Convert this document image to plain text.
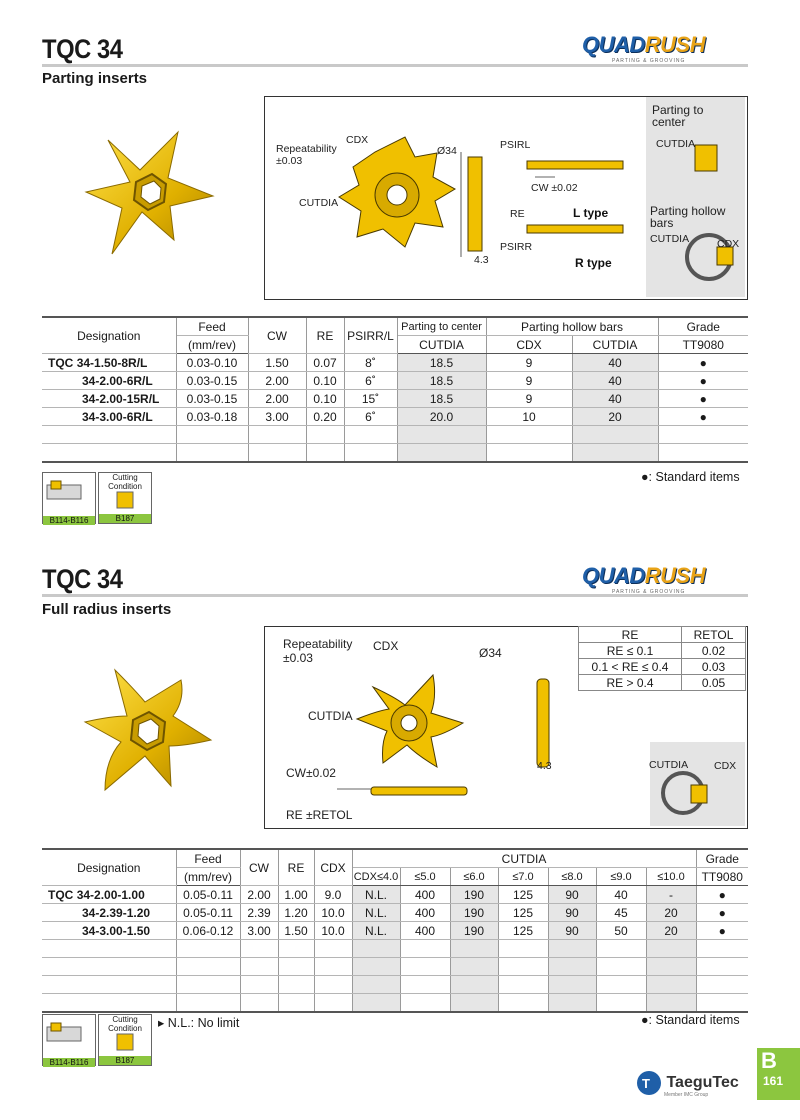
TQC 34
Parting inserts
QUADRUSH
PARTING & GROOVING
Repeatability
±0.03
CDX
Ø34
CUTDIA
PSIRL
CW ±0.02
RE
PSIRR
4.3
L type
R type
Parting to center
CUTDIA
Parting hollow bars
CUTDIA	CDX
Designation	Feed	CW	RE	PSIRR/L	Parting to center	Parting hollow bars		Grade
	(mm/rev)				CUTDIA	CDX	CUTDIA	TT9080
TQC 34-1.50-8R/L	0.03-0.10	1.50	0.07	8˚	18.5	9	40	●
34-2.00-6R/L	0.03-0.15	2.00	0.10	6˚	18.5	9	40	●
34-2.00-15R/L	0.03-0.15	2.00	0.10	15˚	18.5	9	40	●
34-3.00-6R/L	0.03-0.18	3.00	0.20	6˚	20.0	10	20	●

B114-B116
Cutting Condition
B187
●: Standard items
TQC 34
Full radius inserts
QUADRUSH
PARTING & GROOVING
Repeatability
±0.03
CDX	Ø34
CUTDIA
CW±0.02
RE ±RETOL
4.3	CUTDIA CDX
RE	RETOL
RE ≤ 0.1	0.02
0.1 < RE ≤ 0.4	0.03
RE > 0.4	0.05
Designation	Feed	CW	RE	CDX	CUTDIA							Grade
	(mm/rev)				CDX≤4.0	≤5.0	≤6.0	≤7.0	≤8.0	≤9.0	≤10.0	TT9080
TQC 34-2.00-1.00	0.05-0.11	2.00	1.00	9.0	N.L.	400	190	125	90	40	-	●
34-2.39-1.20	0.05-0.11	2.39	1.20	10.0	N.L.	400	190	125	90	45	20	●
34-3.00-1.50	0.06-0.12	3.00	1.50	10.0	N.L.	400	190	125	90	50	20	●

B114-B116
Cutting Condition
B187
▸ N.L.: No limit	●: Standard items
B
161
T TaeguTec
Member IMC Group
